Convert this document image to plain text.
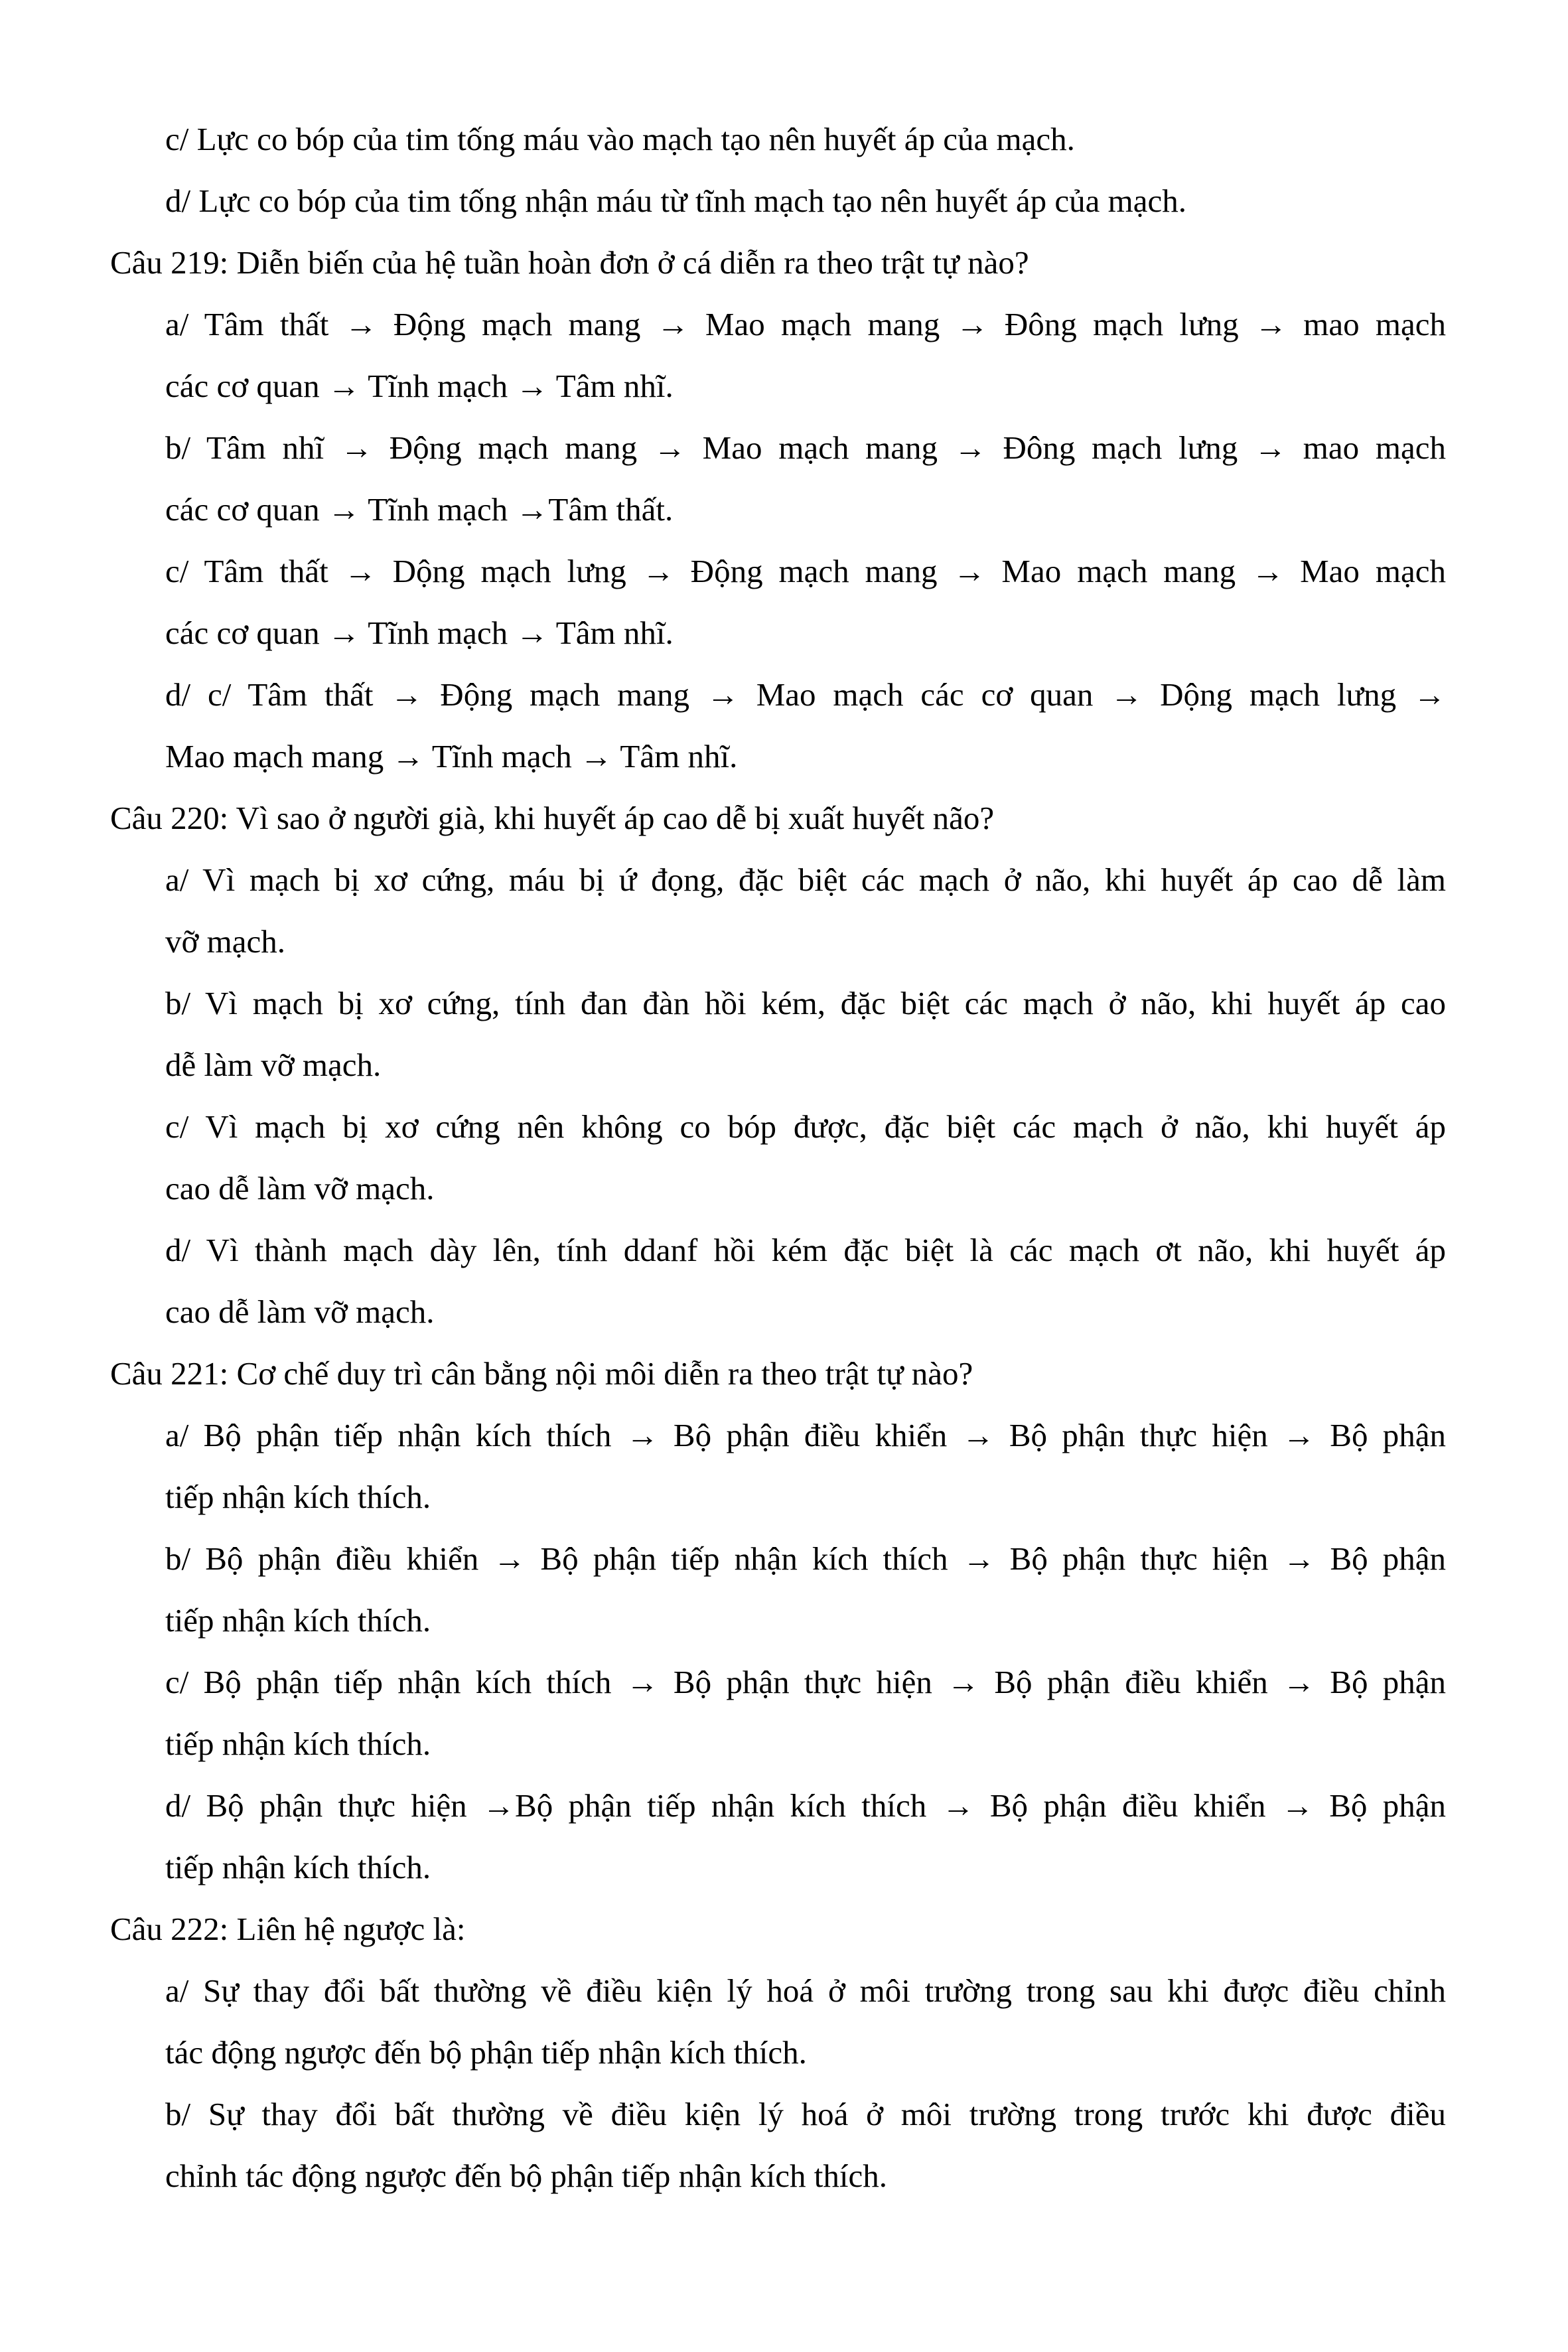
c/ Lực co bóp của tim tống máu vào mạch tạo nên huyết áp của mạch.
d/ Lực co bóp của tim tống nhận máu từ tĩnh mạch tạo nên huyết áp của mạch.
Câu 219: Diễn biến của hệ tuần hoàn đơn ở cá diễn ra theo trật tự nào?
a/ Tâm thất → Động mạch mang → Mao mạch mang → Đông mạch lưng → mao mạch
các cơ quan → Tĩnh mạch → Tâm nhĩ.
b/ Tâm nhĩ → Động mạch mang → Mao mạch mang → Đông mạch lưng → mao mạch
các cơ quan → Tĩnh mạch →Tâm thất.
c/ Tâm thất → Dộng mạch lưng → Động mạch mang → Mao mạch mang → Mao mạch
các cơ quan → Tĩnh mạch → Tâm nhĩ.
d/ c/ Tâm thất → Động mạch mang → Mao mạch các cơ quan → Dộng mạch lưng →
Mao mạch mang → Tĩnh mạch → Tâm nhĩ.
Câu 220: Vì sao ở người già, khi huyết áp cao dễ bị xuất huyết não?
a/ Vì mạch bị xơ cứng, máu bị ứ đọng, đặc biệt các mạch ở não, khi huyết áp cao dễ làm
vỡ mạch.
b/ Vì mạch bị xơ cứng, tính đan đàn hồi kém, đặc biệt các mạch ở não, khi huyết áp cao
dễ làm vỡ mạch.
c/ Vì mạch bị xơ cứng nên không co bóp được, đặc biệt các mạch ở não, khi huyết áp
cao dễ làm vỡ mạch.
d/ Vì thành mạch dày lên, tính ddanf hồi kém đặc biệt là các mạch ơt não, khi huyết áp
cao dễ làm vỡ mạch.
Câu 221: Cơ chế duy trì cân bằng nội môi diễn ra theo trật tự nào?
a/ Bộ phận tiếp nhận kích thích → Bộ phận điều khiển → Bộ phận thực hiện → Bộ phận
tiếp nhận kích thích.
b/ Bộ phận điều khiển → Bộ phận tiếp nhận kích thích → Bộ phận thực hiện → Bộ phận
tiếp nhận kích thích.
c/ Bộ phận tiếp nhận kích thích → Bộ phận thực hiện → Bộ phận điều khiển → Bộ phận
tiếp nhận kích thích.
d/ Bộ phận thực hiện →Bộ phận tiếp nhận kích thích → Bộ phận điều khiển → Bộ phận
tiếp nhận kích thích.
Câu 222: Liên hệ ngược là:
a/ Sự thay đổi bất thường về điều kiện lý hoá ở môi trường trong sau khi được điều chỉnh
tác động ngược đến bộ phận tiếp nhận kích thích.
b/ Sự thay đổi bất thường về điều kiện lý hoá ở môi trường trong trước khi được điều
chỉnh tác động ngược đến bộ phận tiếp nhận kích thích.
